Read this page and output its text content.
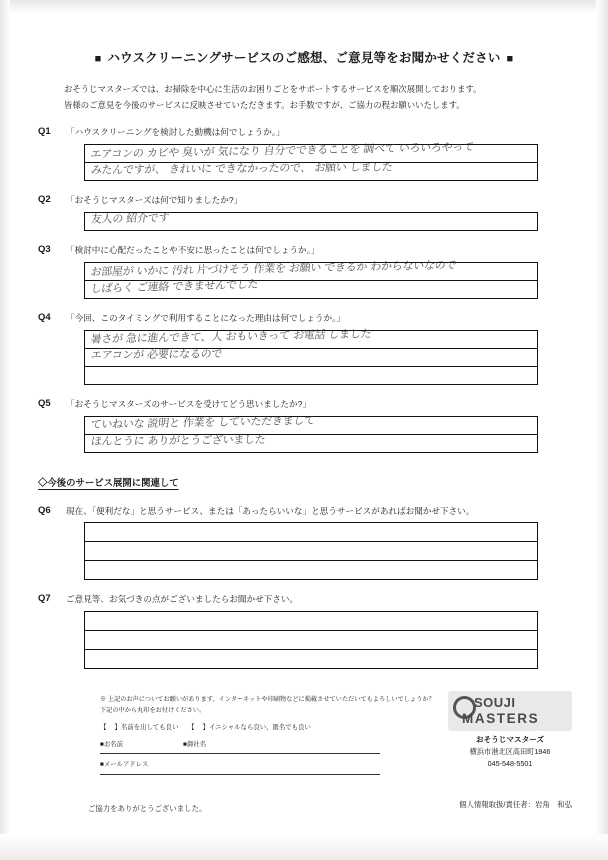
■ ハウスクリーニングサービスのご感想、ご意見等をお聞かせください ■
おそうじマスターズでは、お掃除を中心に生活のお困りごとをサポートするサービスを順次展開しております。
皆様のご意見を今後のサービスに反映させていただきます。お手数ですが、ご協力の程お願いいたします。
Q1 「ハウスクリーニングを検討した動機は何でしょうか。」
エアコンの カビや 臭いが 気になり 自分でできることを 調べて いろいろやって
みたんですが、 きれいに できなかったので、 お願い しました
Q2 「おそうじマスターズは何で知りましたか?」
友人の 紹介です
Q3 「検討中に心配だったことや不安に思ったことは何でしょうか。」
お部屋が いかに 汚れ 片づけそう 作業を お願い できるか わからないなので
しばらく ご連絡 できませんでした
Q4 「今回、このタイミングで利用することになった理由は何でしょうか。」
暑さが 急に進んできて、人 おもいきって お電話 しました
エアコンが 必要になるので
Q5 「おそうじマスターズのサービスを受けてどう思いましたか?」
ていねいな 説明と 作業を していただきまして
ほんとうに ありがとうございました
◇今後のサービス展開に関連して
Q6 現在、「便利だな」と思うサービス、または「あったらいいな」と思うサービスがあればお聞かせ下さい。
Q7 ご意見等、お気づきの点がございましたらお聞かせ下さい。
※ 上記のお声についてお願いがあります。インターネットや印刷物などに掲載させていただいてもよろしいでしょうか？
下記の中から丸印をお付けください。
【 　】名前を出しても良い　　【 　】イニシャルなら良い、匿名でも良い
■お名前	■御社名
■メールアドレス
ご協力をありがとうございました。
SOUJI
MASTERS
おそうじマスターズ
横浜市港北区高田町1946
045-548-5501
個人情報取扱/責任者：岩角　和弘
